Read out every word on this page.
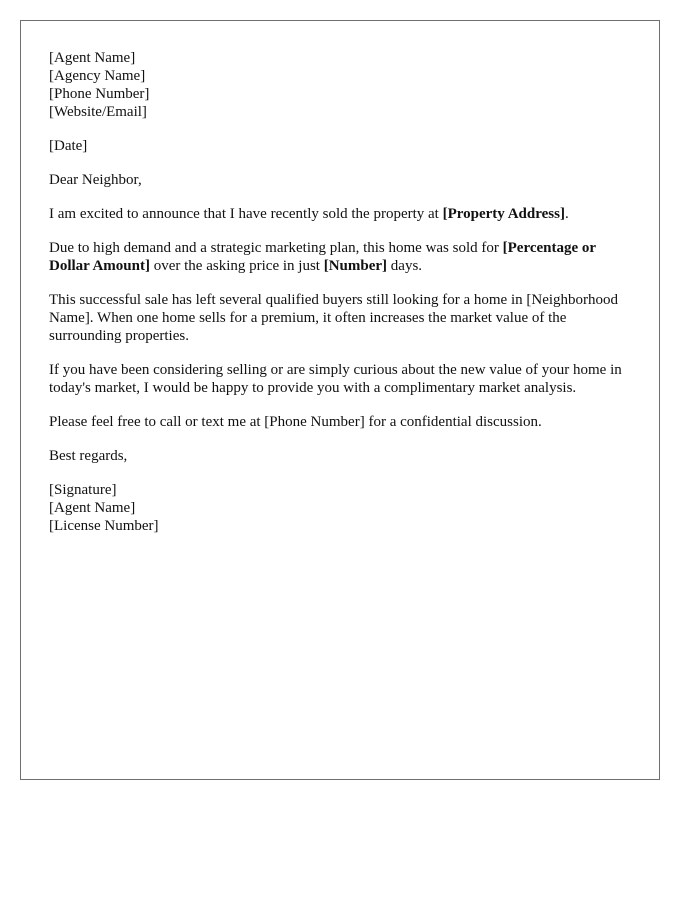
[Agent Name]
[Agency Name]
[Phone Number]
[Website/Email]
[Date]
Dear Neighbor,

I am excited to announce that I have recently sold the property at [Property Address].

Due to high demand and a strategic marketing plan, this home was sold for [Percentage or Dollar Amount] over the asking price in just [Number] days.

This successful sale has left several qualified buyers still looking for a home in [Neighborhood Name]. When one home sells for a premium, it often increases the market value of the surrounding properties.

If you have been considering selling or are simply curious about the new value of your home in today's market, I would be happy to provide you with a complimentary market analysis.

Please feel free to call or text me at [Phone Number] for a confidential discussion.

Best regards,
[Signature]
[Agent Name]
[License Number]
